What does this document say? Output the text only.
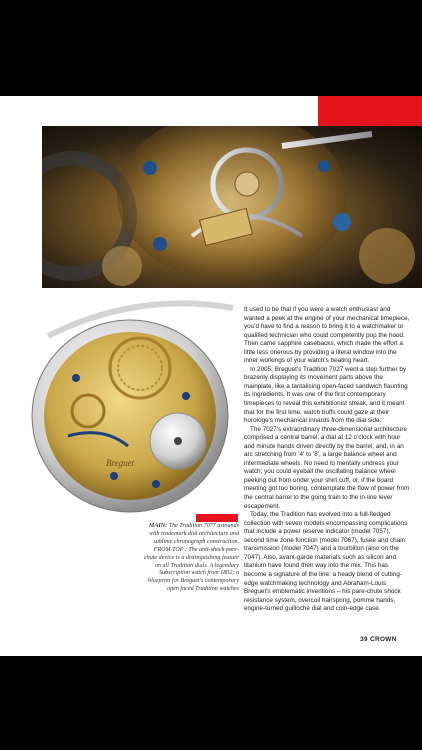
Breguet

It used to be that if you were a watch enthusiast and wanted a peek at the engine of your mechanical timepiece, you'd have to find a reason to bring it to a watchmaker or qualified technician who could competently pop the hood. Then came sapphire casebacks, which made the effort a little less onerous by providing a literal window into the inner workings of your watch's beating heart.

In 2005, Breguet's Tradition 7027 went a step further by brazenly displaying its movement parts above the mainplate, like a tantalising open-faced sandwich flaunting its ingredients. It was one of the first contemporary timepieces to reveal this exhibitionist streak, and it meant that for the first time, watch buffs could gaze at their horologe's mechanical innards from the dial side.

The 7027's extraordinary three-dimensional architecture comprised a central barrel; a dial at 12 o'clock with hour and minute hands driven directly by the barrel; and, in an arc stretching from '4' to '8', a large balance wheel and intermediate wheels. No need to mentally undress your watch; you could eyeball the oscillating balance wheel peeking out from under your shirt cuff, or, if the board meeting got too boring, contemplate the flow of power from the central barrel to the going train to the in-line lever escapement.

Today, the Tradition has evolved into a full-fledged collection with seven models encompassing complications that include a power reserve indicator (model 7057), second time zone function (model 7067), fusée and chain transmission (model 7047) and a tourbillon (also on the 7047). Also, avant-garde materials such as silicon and titanium have found their way into the mix. This has become a signature of the line: a heady blend of cutting-edge watchmaking technology and Abraham-Louis Breguet's emblematic inventions – his pare-chute shock resistance system, overcoil hairspring, pomme hands, engine-turned guilloche dial and coin-edge case.

MAIN: The Tradition 7077 astounds with trademark dial architecture and sublime chronograph construction. FROM TOP : The anti-shock pare-chute device is a distinguishing feature on all Tradition dials. A legendary Subscription watch from 1802; a blueprint for Breguet's contemporary open faced Tradition watches
39 CROWN
